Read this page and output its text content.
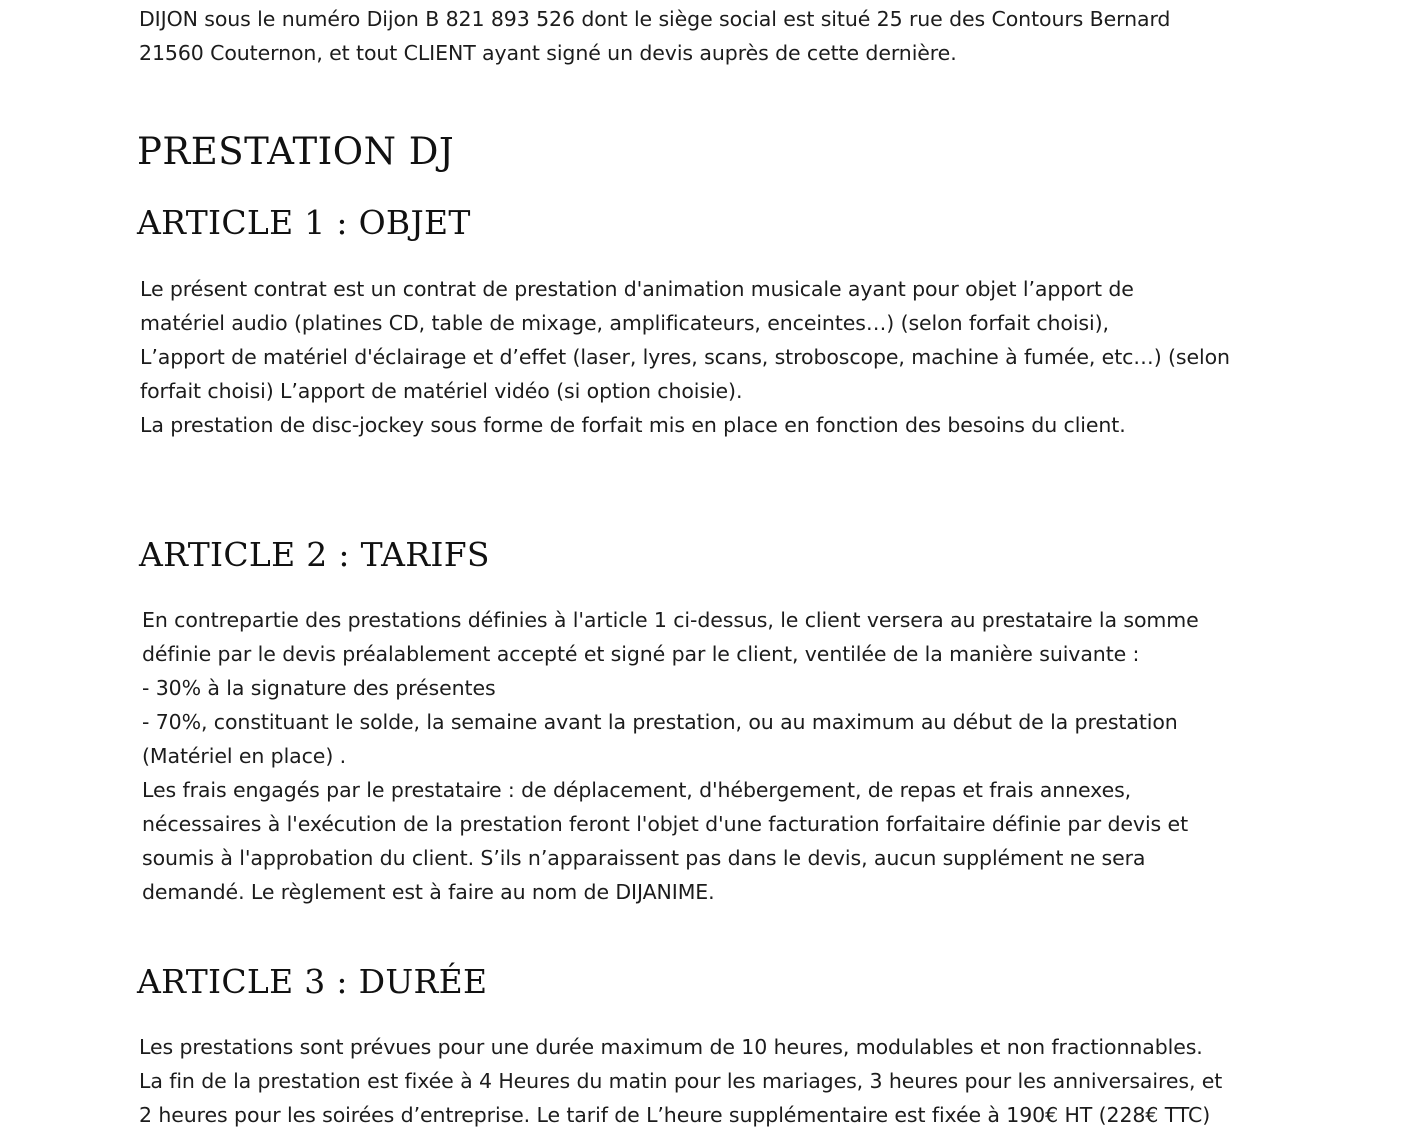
DIJON sous le numéro Dijon B 821 893 526 dont le siège social est situé 25 rue des Contours Bernard
21560 Couternon, et tout CLIENT ayant signé un devis auprès de cette dernière.
PRESTATION DJ
ARTICLE 1 : OBJET
Le présent contrat est un contrat de prestation d'animation musicale ayant pour objet l’apport de
matériel audio (platines CD, table de mixage, amplificateurs, enceintes…) (selon forfait choisi),
L’apport de matériel d'éclairage et d’effet (laser, lyres, scans, stroboscope, machine à fumée, etc…) (selon
forfait choisi) L’apport de matériel vidéo (si option choisie).
La prestation de disc-jockey sous forme de forfait mis en place en fonction des besoins du client.
ARTICLE 2 : TARIFS
En contrepartie des prestations définies à l'article 1 ci-dessus, le client versera au prestataire la somme
définie par le devis préalablement accepté et signé par le client, ventilée de la manière suivante :
- 30% à la signature des présentes
- 70%, constituant le solde, la semaine avant la prestation, ou au maximum au début de la prestation
(Matériel en place) .
Les frais engagés par le prestataire : de déplacement, d'hébergement, de repas et frais annexes,
nécessaires à l'exécution de la prestation feront l'objet d'une facturation forfaitaire définie par devis et
soumis à l'approbation du client. S’ils n’apparaissent pas dans le devis, aucun supplément ne sera
demandé. Le règlement est à faire au nom de DIJANIME.
ARTICLE 3 : DURÉE
Les prestations sont prévues pour une durée maximum de 10 heures, modulables et non fractionnables.
La fin de la prestation est fixée à 4 Heures du matin pour les mariages, 3 heures pour les anniversaires, et
2 heures pour les soirées d’entreprise. Le tarif de L’heure supplémentaire est fixée à 190€ HT (228€ TTC)
